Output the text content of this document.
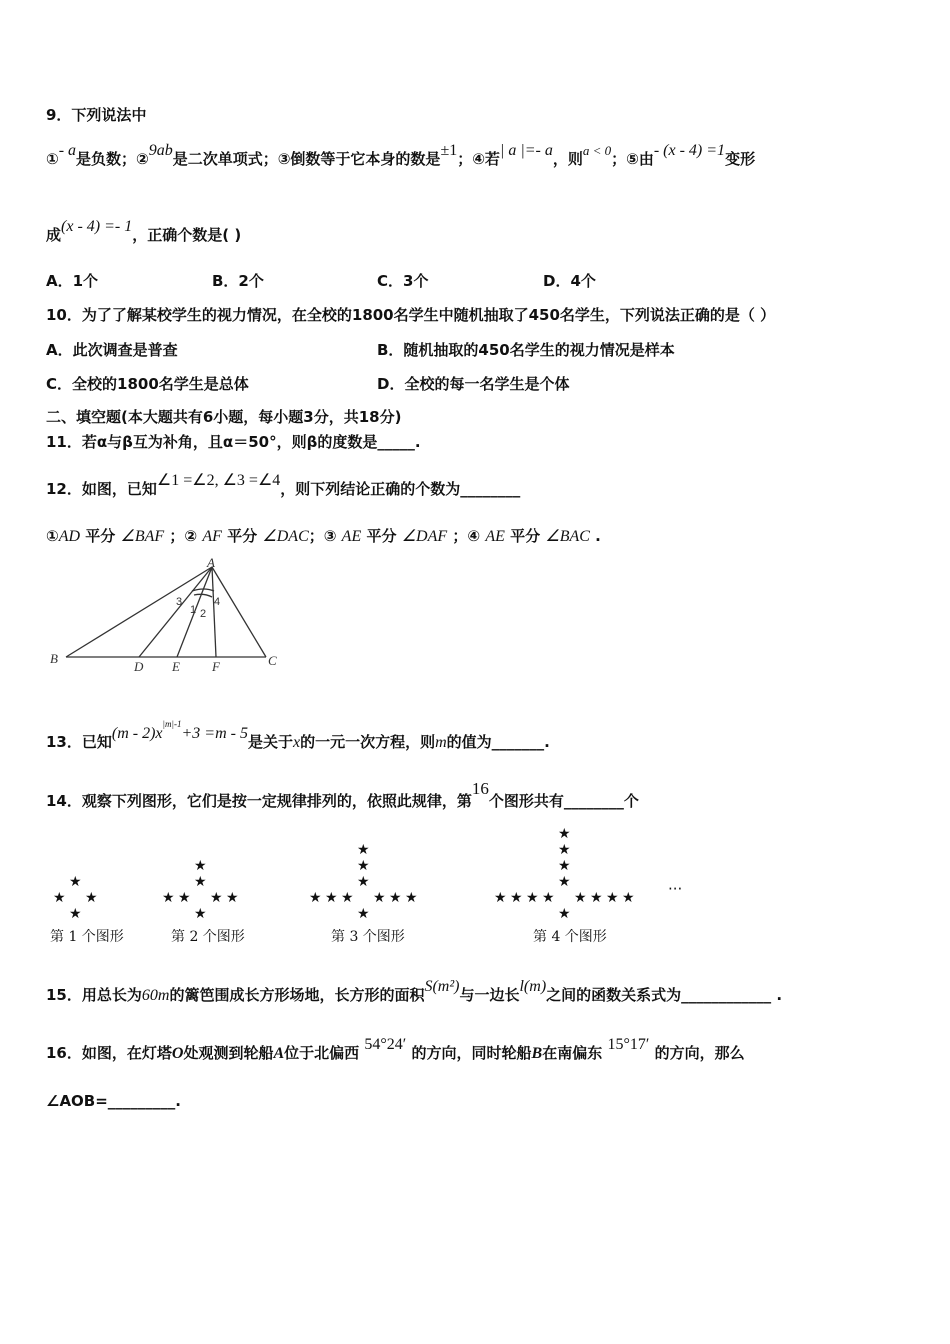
9．下列说法中
①- a是负数；②9ab是二次单项式；③倒数等于它本身的数是±1；④若| a |=- a，则a < 0；⑤由- (x - 4) =1变形
成(x - 4) =- 1，正确个数是( )
A．1个	B．2个	C．3个	D．4个
10．为了了解某校学生的视力情况，在全校的1800名学生中随机抽取了450名学生，下列说法正确的是（ ）
A．此次调查是普查	B．随机抽取的450名学生的视力情况是样本
C．全校的1800名学生是总体	D．全校的每一名学生是个体
二、填空题(本大题共有6小题，每小题3分，共18分)
11．若α与β互为补角，且α＝50°，则β的度数是_____.
12．如图，已知∠1 =∠2, ∠3 =∠4，则下列结论正确的个数为________
①AD 平分 ∠BAF ；② AF 平分 ∠DAC；③ AE 平分 ∠DAF ；④ AE 平分 ∠BAC .
A
B	C
D E F
1 2
3	4
13．已知$(m - 2)x^{|m|-1}+3 =m - 5$是关于x的一元一次方程，则m的值为_______.
14．观察下列图形，它们是按一定规律排列的，依照此规律，第16个图形共有________个
★ ★
★
★
★ ★
★	★
★
★
★
★ ★
★	★
★	★
★
★
★
★
★ ★
★	★
★	★
★	★
★
★
★
★
★
第 1 个图形	第 2 个图形	第 3 个图形	第 4 个图形
···
15．用总长为60m的篱笆围成长方形场地，长方形的面积S(m²)与一边长l(m)之间的函数关系式为____________ .
16．如图，在灯塔O处观测到轮船A位于北偏西 54°24′ 的方向，同时轮船B在南偏东 15°17′ 的方向，那么
∠AOB=_________.
